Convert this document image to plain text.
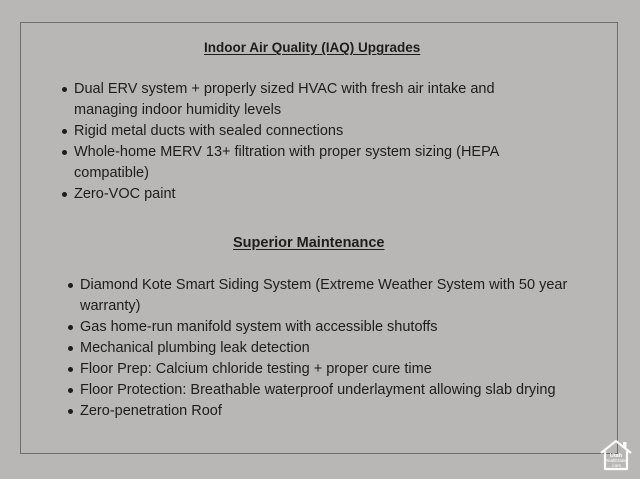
Indoor Air Quality (IAQ) Upgrades
Dual ERV system + properly sized HVAC with fresh air intake and managing indoor humidity levels
Rigid metal ducts with sealed connections
Whole-home MERV 13+ filtration with proper system sizing (HEPA compatible)
Zero-VOC paint
Superior Maintenance
Diamond Kote Smart Siding System (Extreme Weather System with 50 year warranty)
Gas home-run manifold system with accessible shutoffs
Mechanical plumbing leak detection
Floor Prep: Calcium chloride testing + proper cure time
Floor Protection: Breathable waterproof underlayment allowing slab drying
Zero-penetration Roof
Utah
RealEstate
.com
